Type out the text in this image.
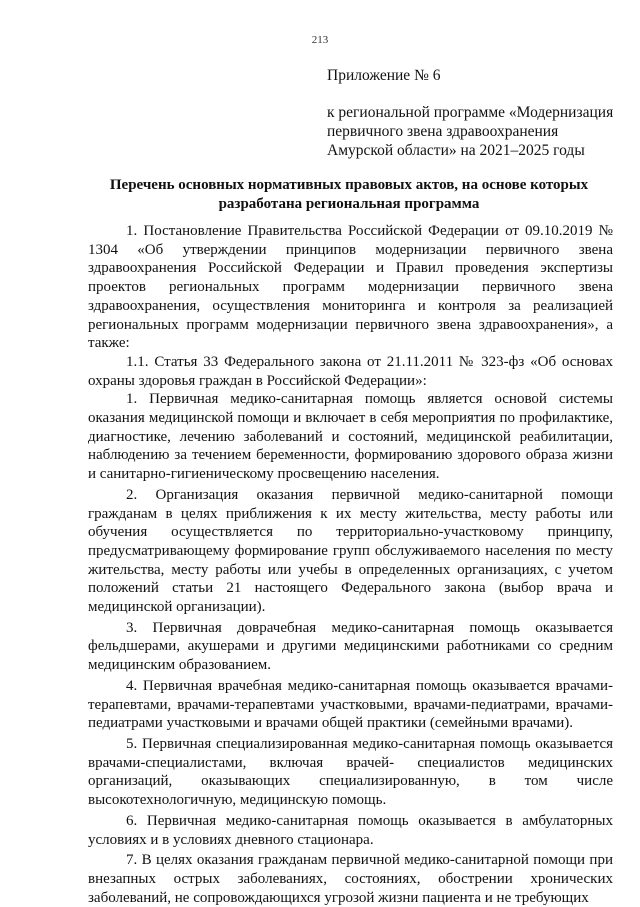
213

Приложение № 6

к региональной программе «Модернизация первичного звена здравоохранения Амурской области» на 2021–2025 годы

Перечень основных нормативных правовых актов, на основе которых разработана региональная программа

1. Постановление Правительства Российской Федерации от 09.10.2019 № 1304 «Об утверждении принципов модернизации первичного звена здравоохранения Российской Федерации и Правил проведения экспертизы проектов региональных программ модернизации первичного звена здравоохранения, осуществления мониторинга и контроля за реализацией региональных программ модернизации первичного звена здравоохранения», а также:

1.1. Статья 33 Федерального закона от 21.11.2011 № 323-фз «Об основах охраны здоровья граждан в Российской Федерации»:

1. Первичная медико-санитарная помощь является основой системы оказания медицинской помощи и включает в себя мероприятия по профилактике, диагностике, лечению заболеваний и состояний, медицинской реабилитации, наблюдению за течением беременности, формированию здорового образа жизни и санитарно-гигиеническому просвещению населения.

2. Организация оказания первичной медико-санитарной помощи гражданам в целях приближения к их месту жительства, месту работы или обучения осуществляется по территориально-участковому принципу, предусматривающему формирование групп обслуживаемого населения по месту жительства, месту работы или учебы в определенных организациях, с учетом положений статьи 21 настоящего Федерального закона (выбор врача и медицинской организации).

3. Первичная доврачебная медико-санитарная помощь оказывается фельдшерами, акушерами и другими медицинскими работниками со средним медицинским образованием.

4. Первичная врачебная медико-санитарная помощь оказывается врачами-терапевтами, врачами-терапевтами участковыми, врачами-педиатрами, врачами-педиатрами участковыми и врачами общей практики (семейными врачами).

5. Первичная специализированная медико-санитарная помощь оказывается врачами-специалистами, включая врачей- специалистов медицинских организаций, оказывающих специализированную, в том числе высокотехнологичную, медицинскую помощь.

6. Первичная медико-санитарная помощь оказывается в амбулаторных условиях и в условиях дневного стационара.

7. В целях оказания гражданам первичной медико-санитарной помощи при внезапных острых заболеваниях, состояниях, обострении хронических заболеваний, не сопровождающихся угрозой жизни пациента и не требующих
